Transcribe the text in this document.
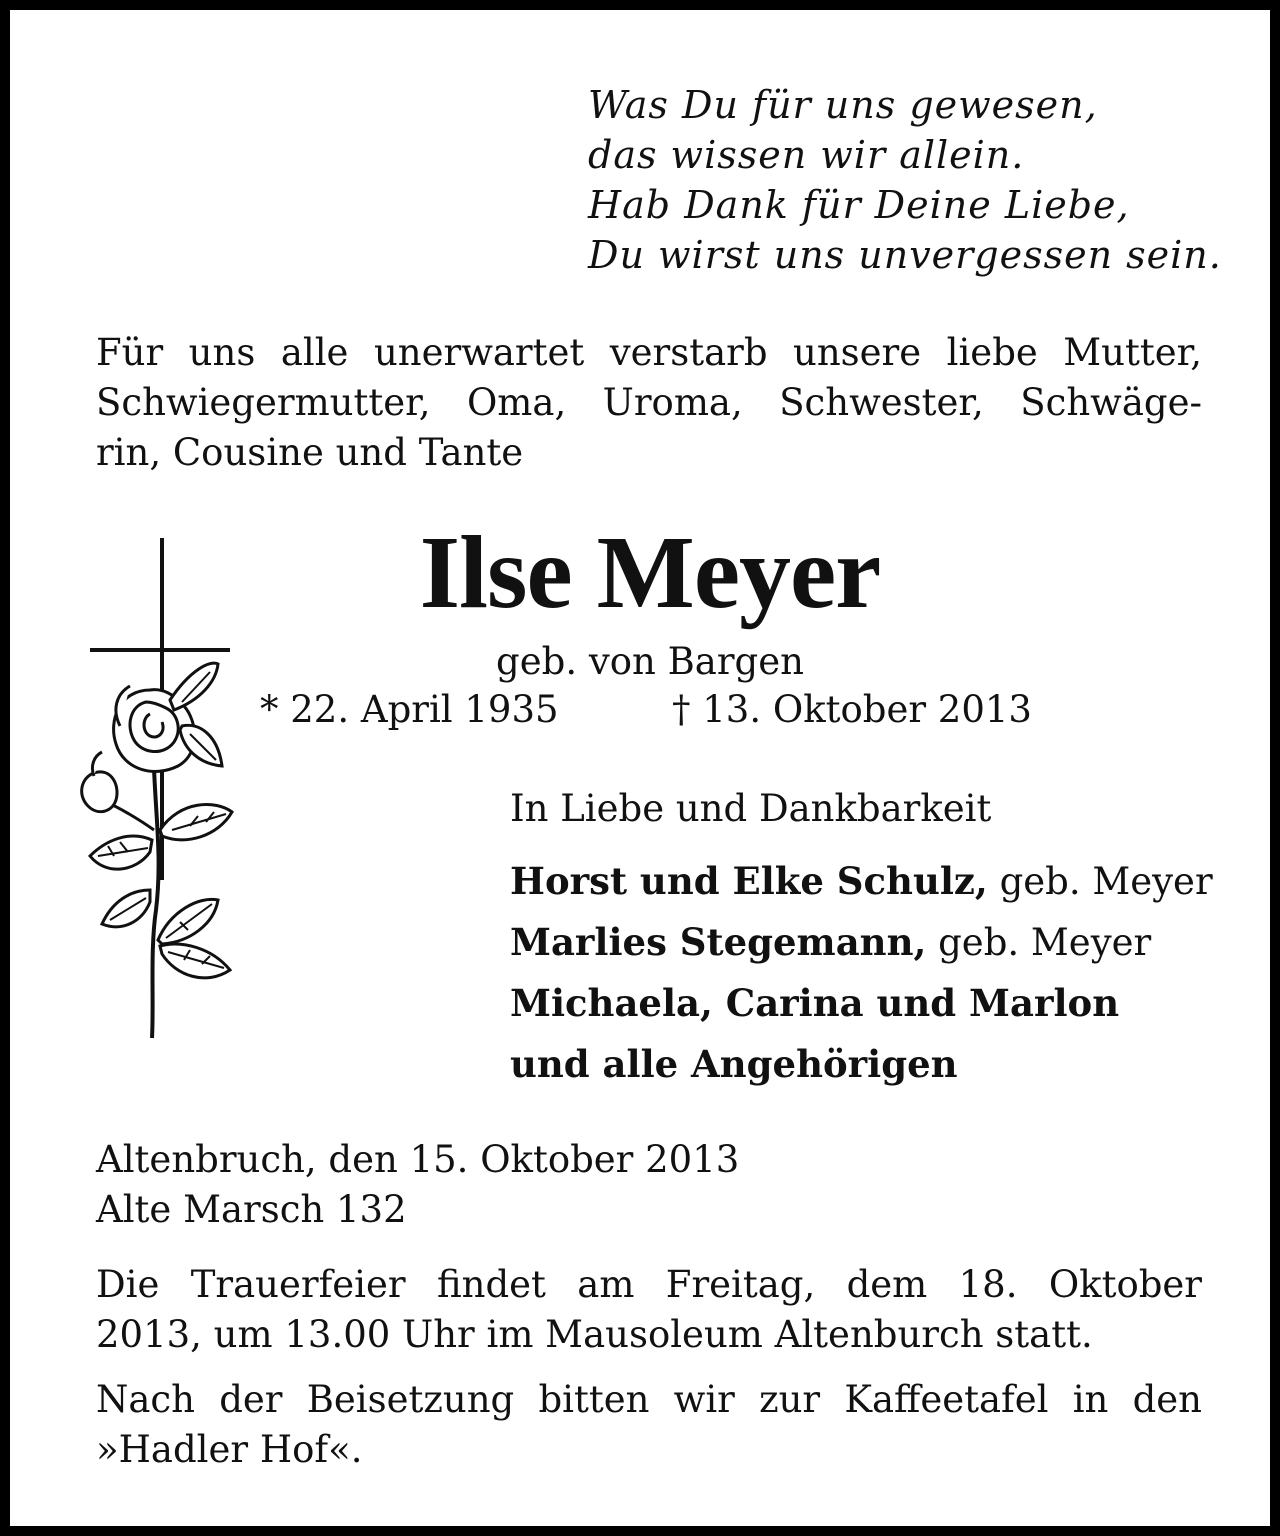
Was Du für uns gewesen,
das wissen wir allein.
Hab Dank für Deine Liebe,
Du wirst uns unvergessen sein.
Für uns alle unerwartet verstarb unsere liebe Mutter,
Schwiegermutter, Oma, Uroma, Schwester, Schwäge-
rin, Cousine und Tante
Ilse Meyer
geb. von Bargen
* 22. April 1935	† 13. Oktober 2013
In Liebe und Dankbarkeit
Horst und Elke Schulz, geb. Meyer
Marlies Stegemann, geb. Meyer
Michaela, Carina und Marlon
und alle Angehörigen
Altenbruch, den 15. Oktober 2013
Alte Marsch 132
Die Trauerfeier findet am Freitag, dem 18. Oktober
2013, um 13.00 Uhr im Mausoleum Altenburch statt.
Nach der Beisetzung bitten wir zur Kaffeetafel in den
»Hadler Hof«.
